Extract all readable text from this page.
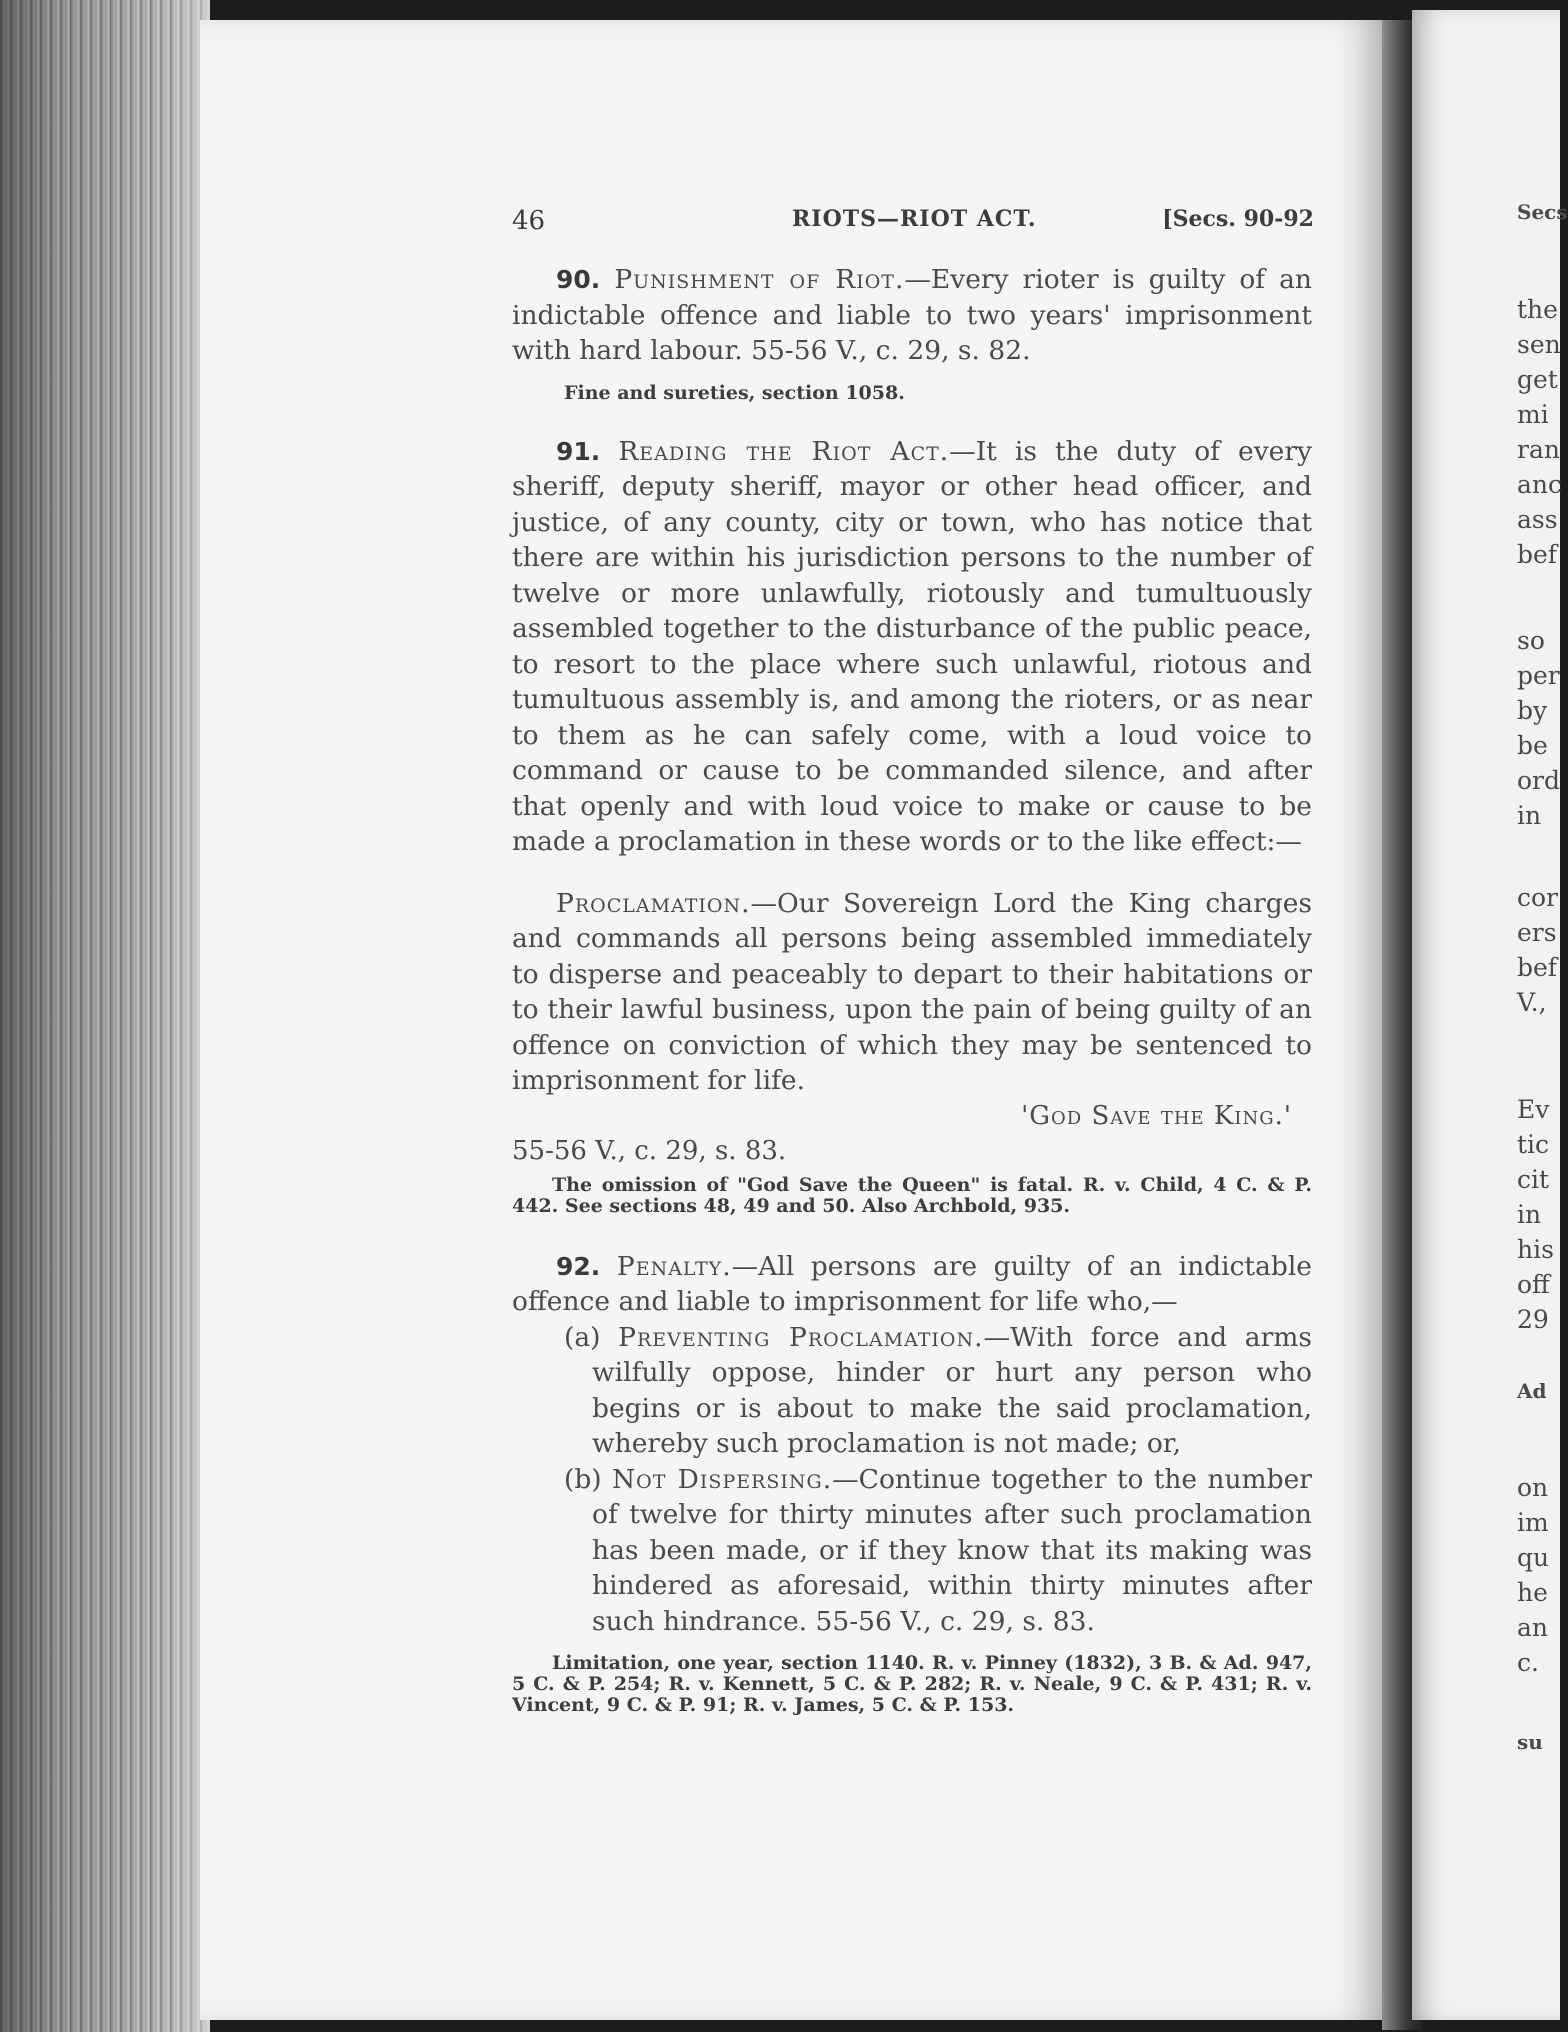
Secs
the
sen
get
mi
ran
anc
ass
bef
so
per
by
be
ord
in
cor
ers
bef
V.,
Ev
tic
cit
in
his
off
29
Ad
on
im
qu
he
an
c.
su
46	RIOTS—RIOT ACT.	[Secs. 90-92

90. Punishment of Riot.—Every rioter is guilty of an indictable offence and liable to two years' imprisonment with hard labour. 55-56 V., c. 29, s. 82.

Fine and sureties, section 1058.

91. Reading the Riot Act.—It is the duty of every sheriff, deputy sheriff, mayor or other head officer, and justice, of any county, city or town, who has notice that there are within his jurisdiction persons to the number of twelve or more unlawfully, riotously and tumultuously assembled together to the disturbance of the public peace, to resort to the place where such unlawful, riotous and tumultuous assembly is, and among the rioters, or as near to them as he can safely come, with a loud voice to command or cause to be commanded silence, and after that openly and with loud voice to make or cause to be made a proclamation in these words or to the like effect:—

Proclamation.—Our Sovereign Lord the King charges and commands all persons being assembled immediately to disperse and peaceably to depart to their habitations or to their lawful business, upon the pain of being guilty of an offence on conviction of which they may be sentenced to imprisonment for life.

'God Save the King.'

55-56 V., c. 29, s. 83.

The omission of "God Save the Queen" is fatal. R. v. Child, 4 C. & P. 442. See sections 48, 49 and 50. Also Archbold, 935.

92. Penalty.—All persons are guilty of an indictable offence and liable to imprisonment for life who,—

(a) Preventing Proclamation.—With force and arms wilfully oppose, hinder or hurt any person who begins or is about to make the said proclamation, whereby such proclamation is not made; or,

(b) Not Dispersing.—Continue together to the number of twelve for thirty minutes after such proclamation has been made, or if they know that its making was hindered as aforesaid, within thirty minutes after such hindrance. 55-56 V., c. 29, s. 83.

Limitation, one year, section 1140. R. v. Pinney (1832), 3 B. & Ad. 947, 5 C. & P. 254; R. v. Kennett, 5 C. & P. 282; R. v. Neale, 9 C. & P. 431; R. v. Vincent, 9 C. & P. 91; R. v. James, 5 C. & P. 153.
